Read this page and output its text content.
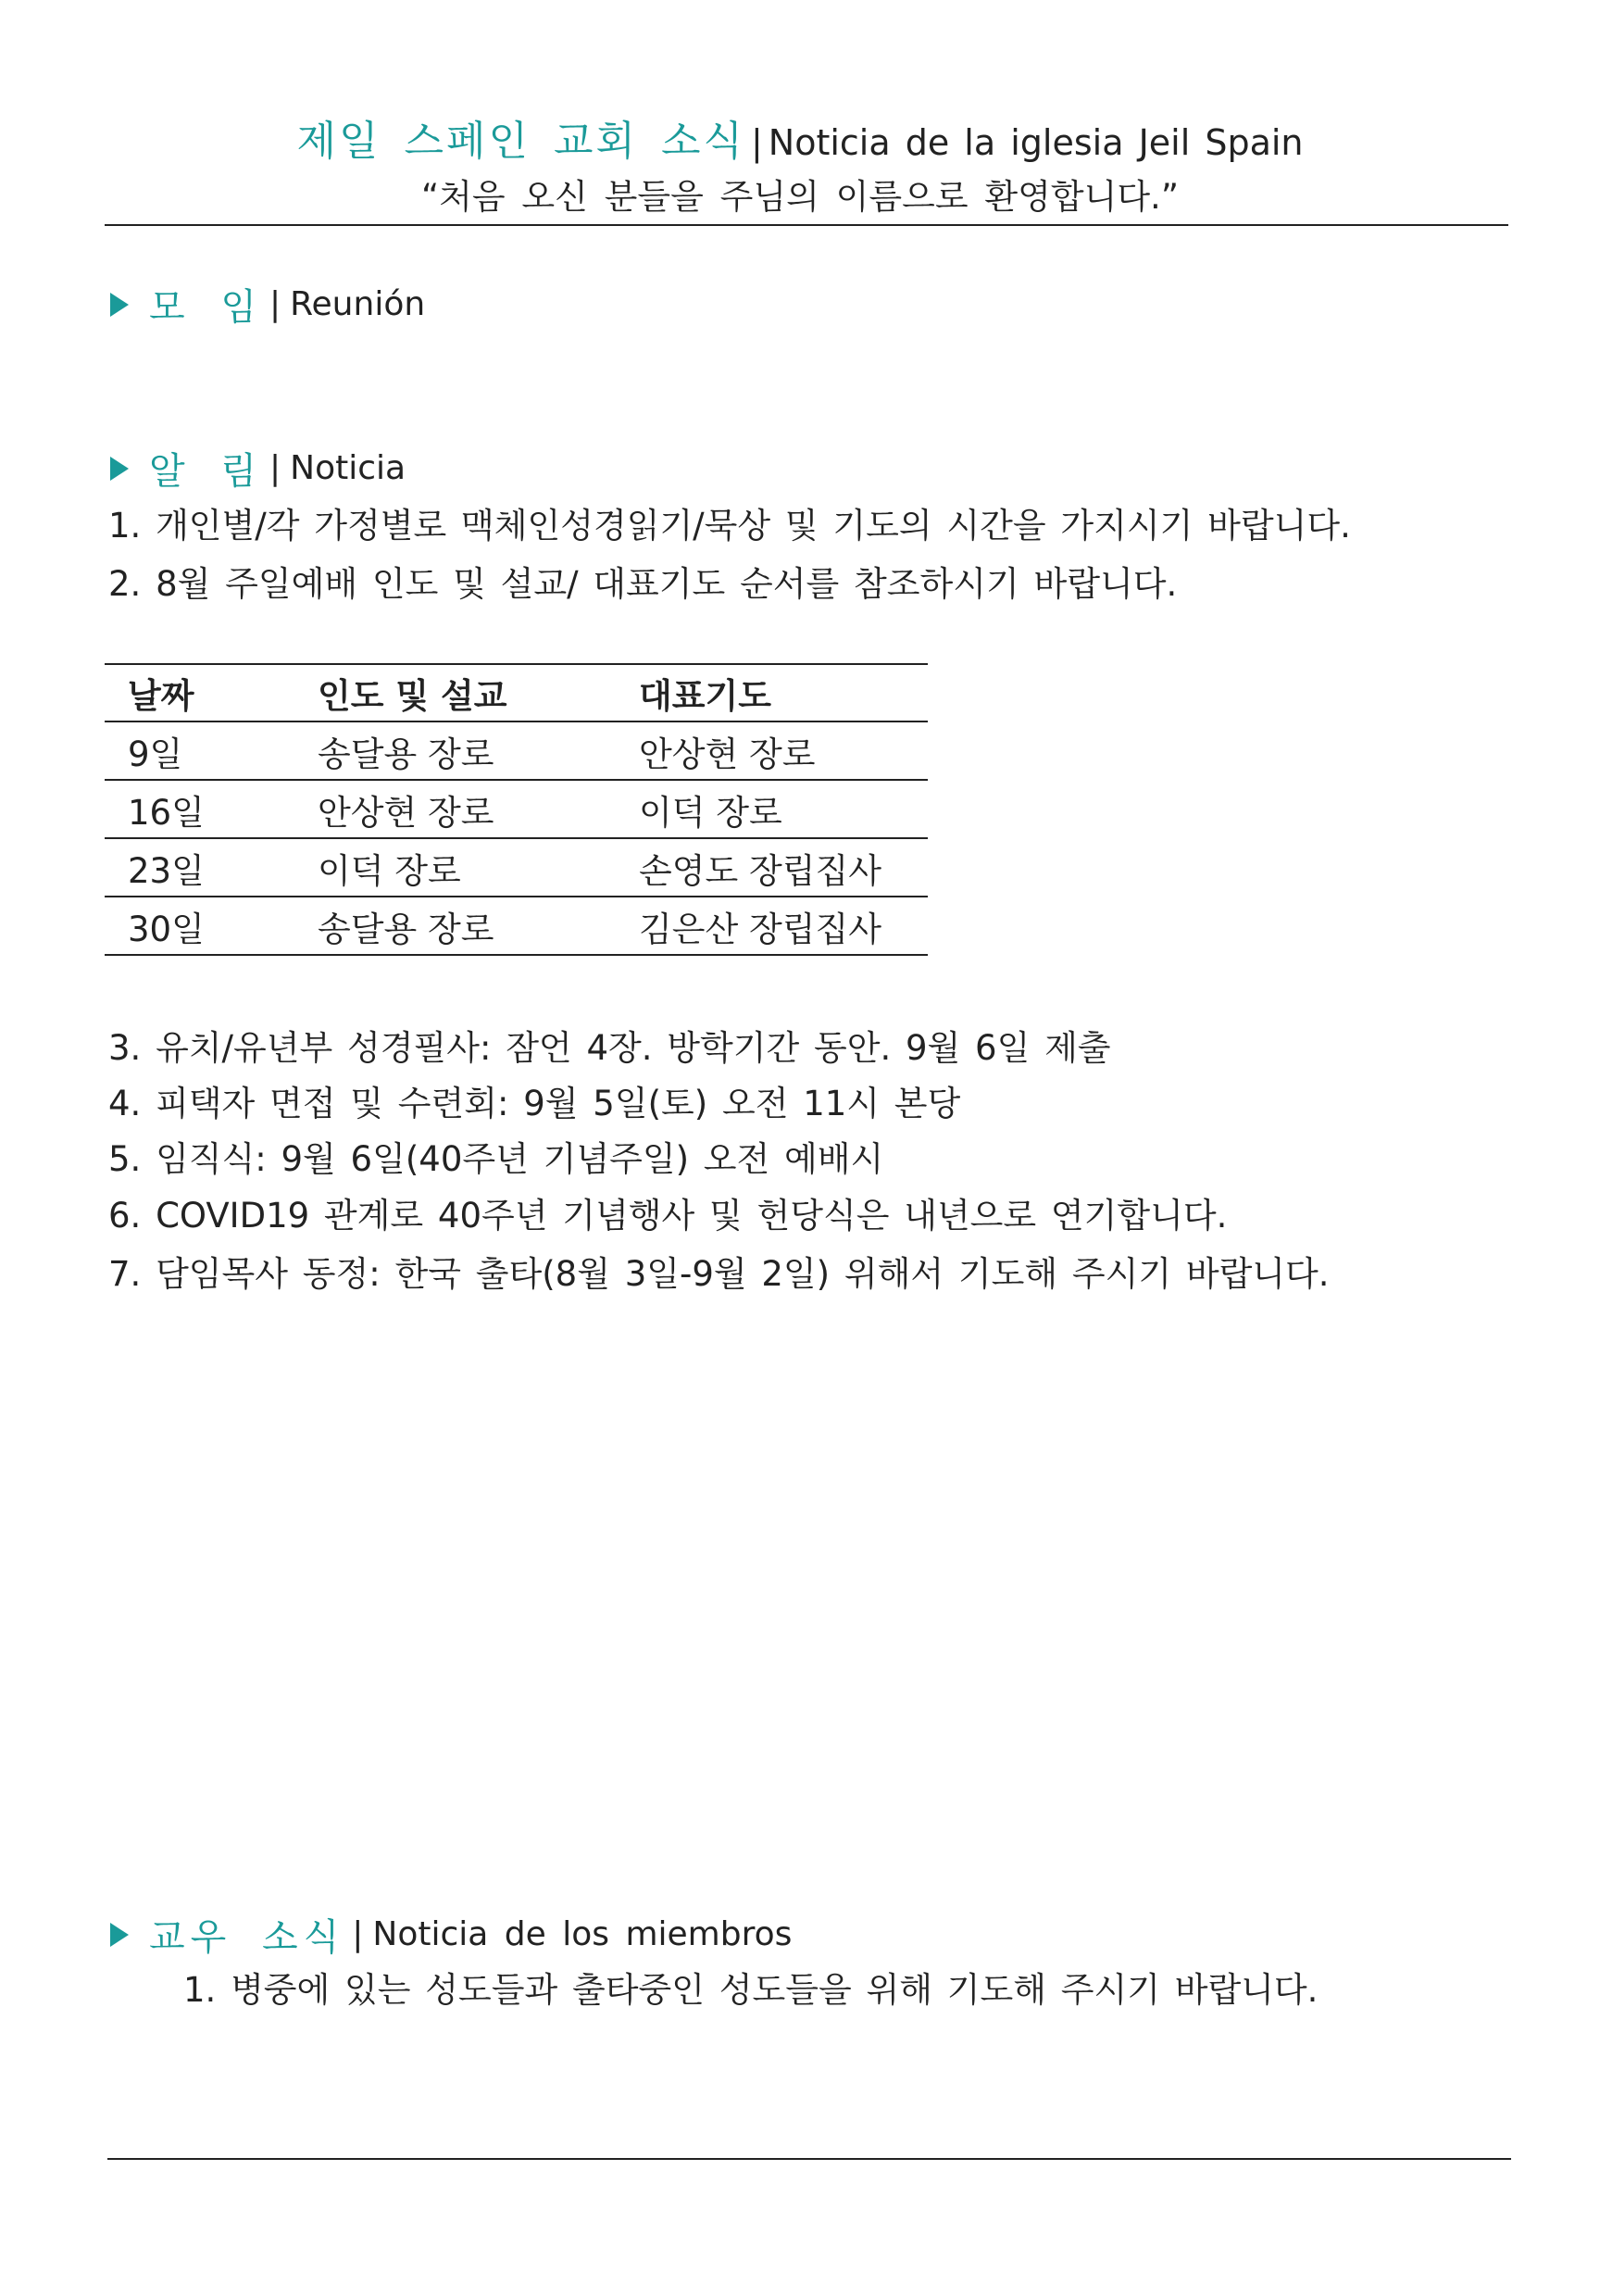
제일 스페인 교회 소식 | Noticia de la iglesia Jeil Spain
“처음 오신 분들을 주님의 이름으로 환영합니다.”
모 임 | Reunión
알 림 | Noticia
1. 개인별/각 가정별로 맥체인성경읽기/묵상 및 기도의 시간을 가지시기 바랍니다.
2. 8월 주일예배 인도 및 설교/ 대표기도 순서를 참조하시기 바랍니다.
날짜	인도 및 설교	대표기도
9일	송달용 장로	안상현 장로
16일	안상현 장로	이덕 장로
23일	이덕 장로	손영도 장립집사
30일	송달용 장로	김은산 장립집사
3. 유치/유년부 성경필사: 잠언 4장. 방학기간 동안. 9월 6일 제출
4. 피택자 면접 및 수련회: 9월 5일(토) 오전 11시 본당
5. 임직식: 9월 6일(40주년 기념주일) 오전 예배시
6. COVID19 관계로 40주년 기념행사 및 헌당식은 내년으로 연기합니다.
7. 담임목사 동정: 한국 출타(8월 3일-9월 2일) 위해서 기도해 주시기 바랍니다.
교우 소식 | Noticia de los miembros
1. 병중에 있는 성도들과 출타중인 성도들을 위해 기도해 주시기 바랍니다.
